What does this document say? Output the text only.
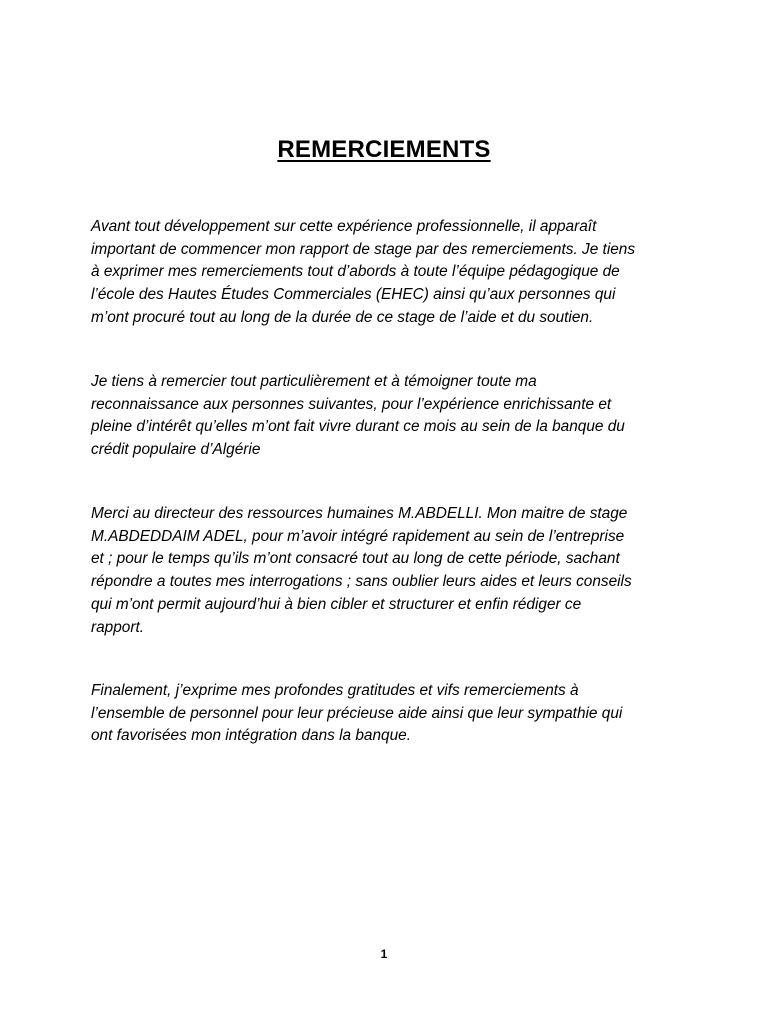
REMERCIEMENTS

Avant tout développement sur cette expérience professionnelle, il apparaît
important de commencer mon rapport de stage par des remerciements. Je tiens
à exprimer mes remerciements tout d’abords à toute l’équipe pédagogique de
l’école des Hautes Études Commerciales (EHEC) ainsi qu’aux personnes qui
m’ont procuré tout au long de la durée de ce stage de l’aide et du soutien.

Je tiens à remercier tout particulièrement et à témoigner toute ma
reconnaissance aux personnes suivantes, pour l’expérience enrichissante et
pleine d’intérêt qu’elles m’ont fait vivre durant ce mois au sein de la banque du
crédit populaire d’Algérie

Merci au directeur des ressources humaines M.ABDELLI. Mon maitre de stage
M.ABDEDDAIM ADEL, pour m’avoir intégré rapidement au sein de l’entreprise
et ; pour le temps qu’ils m’ont consacré tout au long de cette période, sachant
répondre a toutes mes interrogations ; sans oublier leurs aides et leurs conseils
qui m’ont permit aujourd’hui à bien cibler et structurer et enfin rédiger ce
rapport.

Finalement, j’exprime mes profondes gratitudes et vifs remerciements à
l’ensemble de personnel pour leur précieuse aide ainsi que leur sympathie qui
ont favorisées mon intégration dans la banque.

1
